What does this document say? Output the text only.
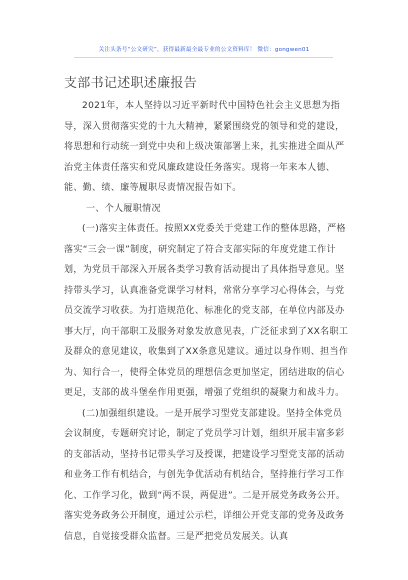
关注头条号“公文研究”，获得最新最全最专业的公文资料库！ 微信：gongwen01
支部书记述职述廉报告

2021年，本人坚持以习近平新时代中国特色社会主义思想为指导，深入贯彻落实党的十九大精神，紧紧围绕党的领导和党的建设，将思想和行动统一到党中央和上级决策部署上来，扎实推进全面从严治党主体责任落实和党风廉政建设任务落实。现将一年来本人德、能、勤、绩、廉等履职尽责情况报告如下。

一、个人履职情况

(一)落实主体责任。按照XX党委关于党建工作的整体思路，严格落实“三会一课”制度，研究制定了符合支部实际的年度党建工作计划，为党员干部深入开展各类学习教育活动提出了具体指导意见。坚持带头学习，认真准备党课学习材料，常常分享学习心得体会，与党员交流学习收获。为打造规范化、标准化的党支部，在单位内部及办事大厅，向干部职工及服务对象发放意见表，广泛征求到了XX名职工及群众的意见建议，收集到了XX条意见建议。通过以身作则、担当作为、知行合一，使得全体党员的理想信念更加坚定，团结进取的信心更足，支部的战斗堡垒作用更强，增强了党组织的凝聚力和战斗力。

(二)加强组织建设。一是开展学习型党支部建设。坚持全体党员会议制度，专题研究讨论，制定了党员学习计划，组织开展丰富多彩的支部活动，坚持书记带头学习及授课，把建设学习型党支部的活动和业务工作有机结合，与创先争优活动有机结合，坚持推行学习工作化、工作学习化，做到“两不误，两促进”。二是开展党务政务公开。落实党务政务公开制度，通过公示栏，详细公开党支部的党务及政务信息，自觉接受群众监督。三是严把党员发展关。认真
